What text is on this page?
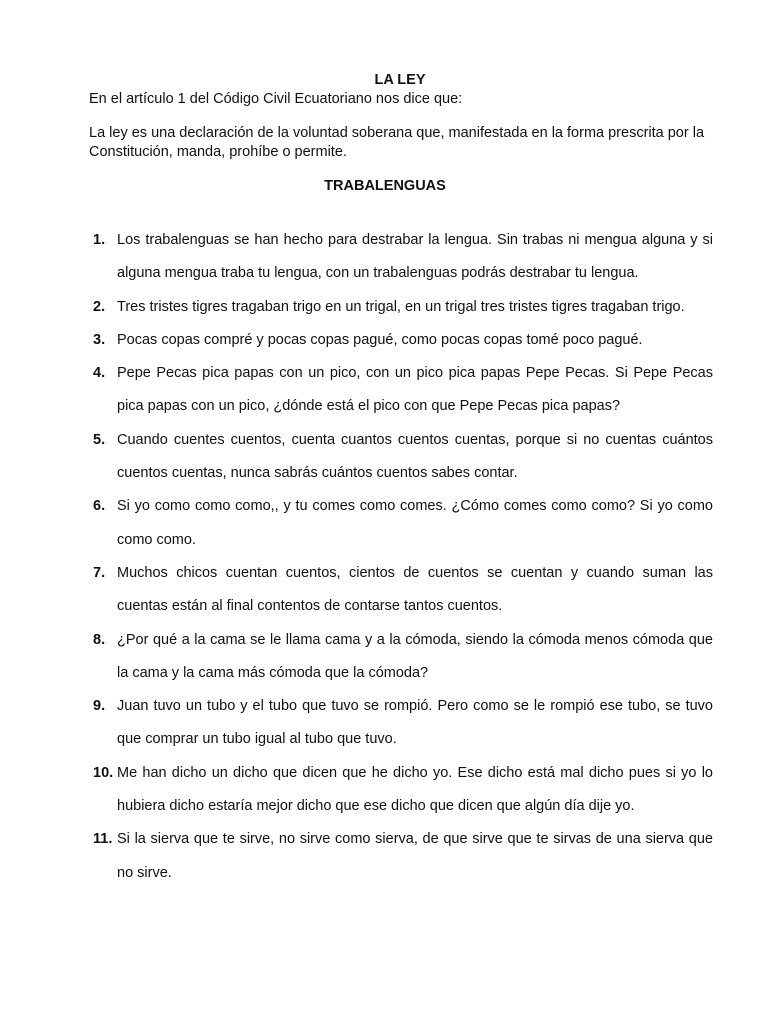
LA LEY
En el artículo 1 del Código Civil Ecuatoriano nos dice que:
La ley es una declaración de la voluntad soberana que, manifestada en la forma prescrita por la Constitución, manda, prohíbe o permite.
TRABALENGUAS
1. Los trabalenguas se han hecho para destrabar la lengua. Sin trabas ni mengua alguna y si alguna mengua traba tu lengua, con un trabalenguas podrás destrabar tu lengua.
2. Tres tristes tigres tragaban trigo en un trigal, en un trigal tres tristes tigres tragaban trigo.
3. Pocas copas compré y pocas copas pagué, como pocas copas tomé poco pagué.
4. Pepe Pecas pica papas con un pico, con un pico pica papas Pepe Pecas. Si Pepe Pecas pica papas con un pico, ¿dónde está el pico con que Pepe Pecas pica papas?
5. Cuando cuentes cuentos, cuenta cuantos cuentos cuentas, porque si no cuentas cuántos cuentos cuentas, nunca sabrás cuántos cuentos sabes contar.
6. Si yo como como como,, y tu comes como comes. ¿Cómo comes como como? Si yo como como como.
7. Muchos chicos cuentan cuentos, cientos de cuentos se cuentan y cuando suman las cuentas están al final contentos de contarse tantos cuentos.
8. ¿Por qué a la cama se le llama cama y a la cómoda, siendo la cómoda menos cómoda que la cama y la cama más cómoda que la cómoda?
9. Juan tuvo un tubo y el tubo que tuvo se rompió. Pero como se le rompió ese tubo, se tuvo que comprar un tubo igual al tubo que tuvo.
10. Me han dicho un dicho que dicen que he dicho yo. Ese dicho está mal dicho pues si yo lo hubiera dicho estaría mejor dicho que ese dicho que dicen que algún día dije yo.
11. Si la sierva que te sirve, no sirve como sierva, de que sirve que te sirvas de una sierva que no sirve.
